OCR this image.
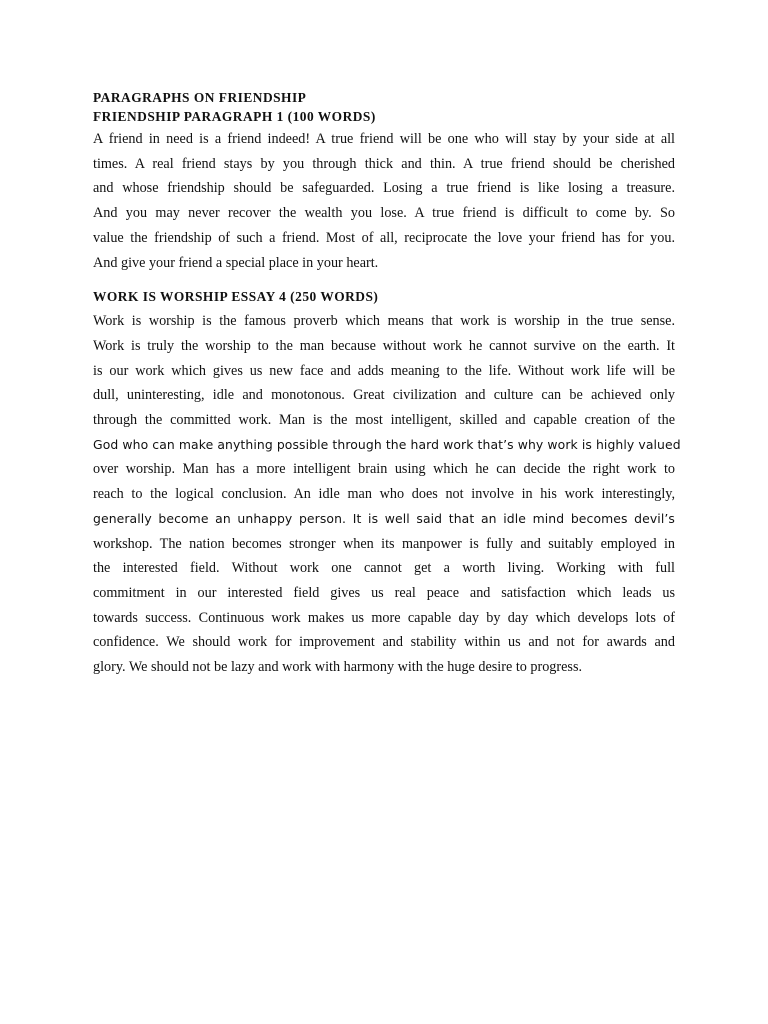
PARAGRAPHS ON FRIENDSHIP

FRIENDSHIP PARAGRAPH 1 (100 WORDS)

A friend in need is a friend indeed! A true friend will be one who will stay by your side at all
times. A real friend stays by you through thick and thin. A true friend should be cherished
and whose friendship should be safeguarded. Losing a true friend is like losing a treasure.
And you may never recover the wealth you lose. A true friend is difficult to come by. So
value the friendship of such a friend. Most of all, reciprocate the love your friend has for you.
And give your friend a special place in your heart.

WORK IS WORSHIP ESSAY 4 (250 WORDS)

Work is worship is the famous proverb which means that work is worship in the true sense.
Work is truly the worship to the man because without work he cannot survive on the earth. It
is our work which gives us new face and adds meaning to the life. Without work life will be
dull, uninteresting, idle and monotonous. Great civilization and culture can be achieved only
through the committed work. Man is the most intelligent, skilled and capable creation of the
God who can make anything possible through the hard work that’s why work is highly valued
over worship. Man has a more intelligent brain using which he can decide the right work to
reach to the logical conclusion. An idle man who does not involve in his work interestingly,
generally become an unhappy person. It is well said that an idle mind becomes devil’s
workshop. The nation becomes stronger when its manpower is fully and suitably employed in
the interested field. Without work one cannot get a worth living. Working with full
commitment in our interested field gives us real peace and satisfaction which leads us
towards success. Continuous work makes us more capable day by day which develops lots of
confidence. We should work for improvement and stability within us and not for awards and
glory. We should not be lazy and work with harmony with the huge desire to progress.
